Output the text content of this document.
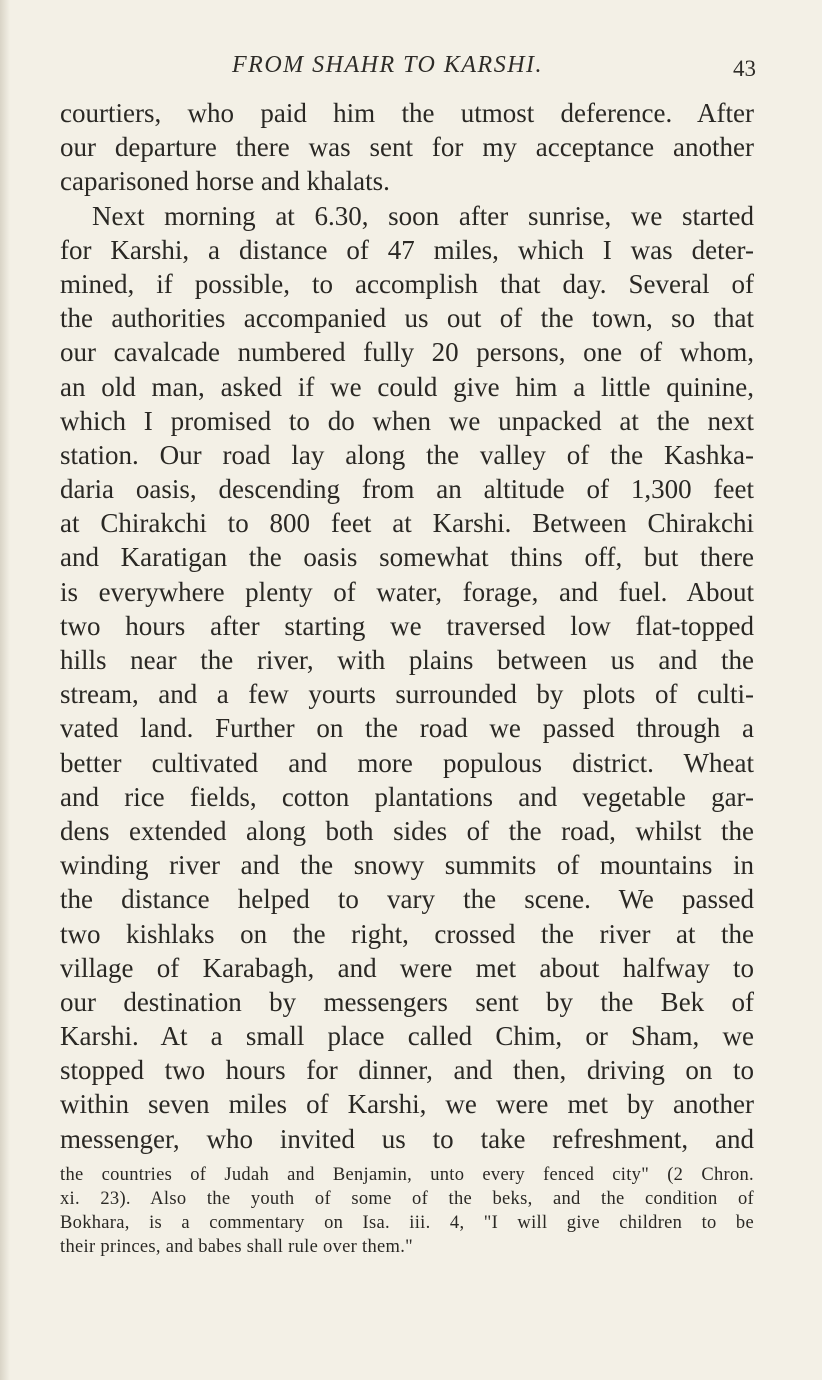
FROM SHAHR TO KARSHI.	43
courtiers, who paid him the utmost deference. After
our departure there was sent for my acceptance another
caparisoned horse and khalats.
Next morning at 6.30, soon after sunrise, we started
for Karshi, a distance of 47 miles, which I was deter-
mined, if possible, to accomplish that day. Several of
the authorities accompanied us out of the town, so that
our cavalcade numbered fully 20 persons, one of whom,
an old man, asked if we could give him a little quinine,
which I promised to do when we unpacked at the next
station. Our road lay along the valley of the Kashka-
daria oasis, descending from an altitude of 1,300 feet
at Chirakchi to 800 feet at Karshi. Between Chirakchi
and Karatigan the oasis somewhat thins off, but there
is everywhere plenty of water, forage, and fuel. About
two hours after starting we traversed low flat-topped
hills near the river, with plains between us and the
stream, and a few yourts surrounded by plots of culti-
vated land. Further on the road we passed through a
better cultivated and more populous district. Wheat
and rice fields, cotton plantations and vegetable gar-
dens extended along both sides of the road, whilst the
winding river and the snowy summits of mountains in
the distance helped to vary the scene. We passed
two kishlaks on the right, crossed the river at the
village of Karabagh, and were met about halfway to
our destination by messengers sent by the Bek of
Karshi. At a small place called Chim, or Sham, we
stopped two hours for dinner, and then, driving on to
within seven miles of Karshi, we were met by another
messenger, who invited us to take refreshment, and
the countries of Judah and Benjamin, unto every fenced city" (2 Chron.
xi. 23). Also the youth of some of the beks, and the condition of
Bokhara, is a commentary on Isa. iii. 4, "I will give children to be
their princes, and babes shall rule over them."
